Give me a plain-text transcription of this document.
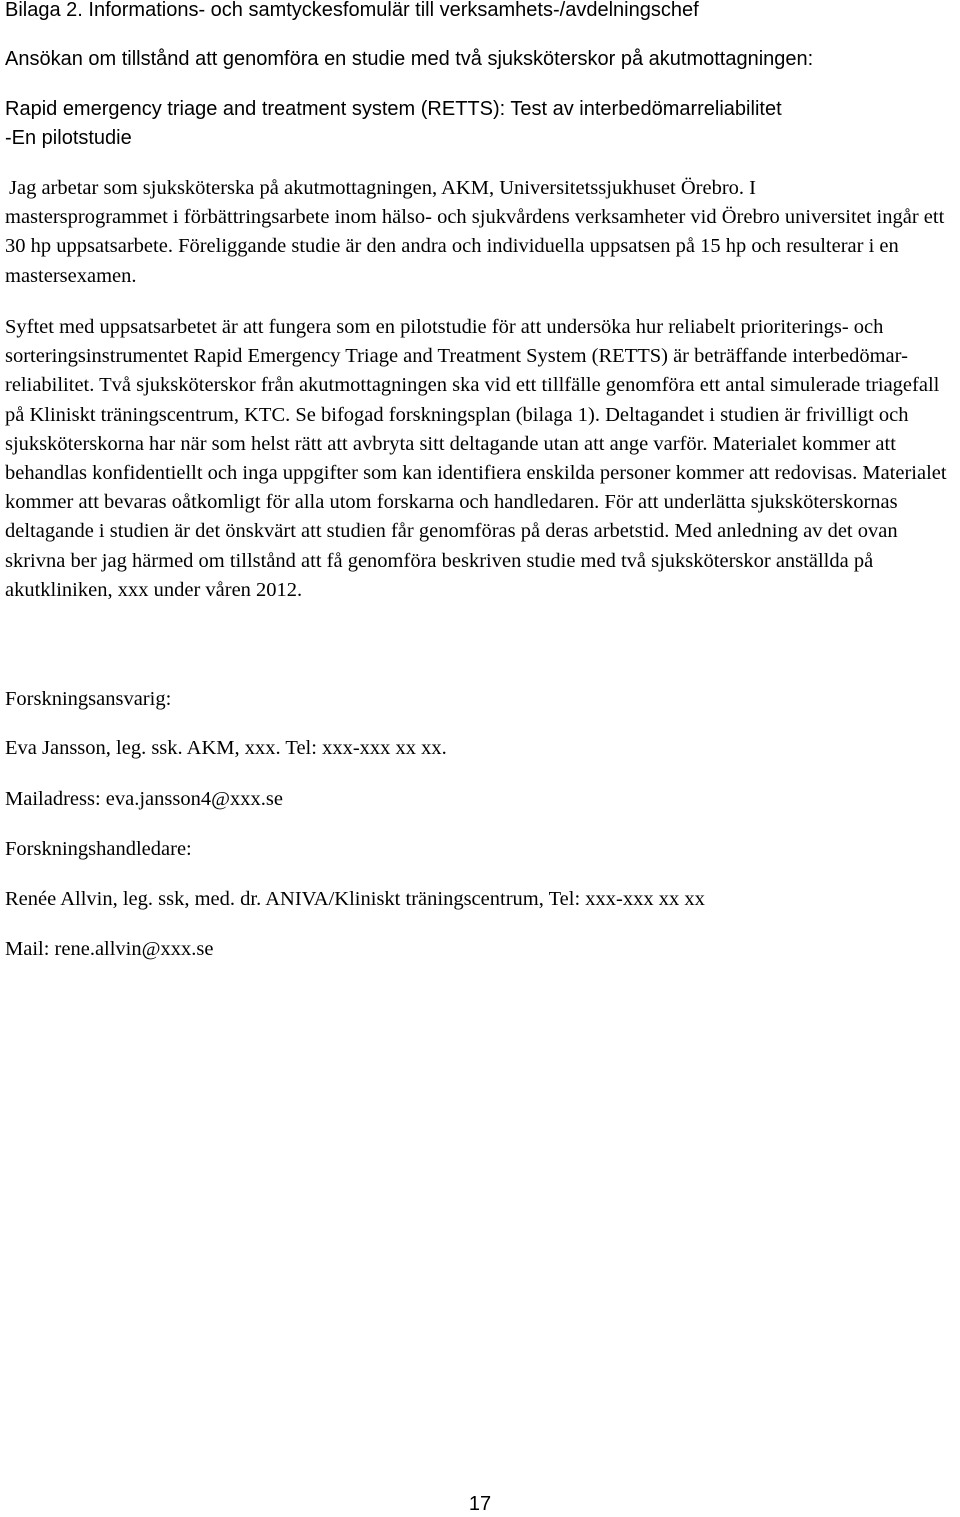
Bilaga 2. Informations- och samtyckesfomulär till verksamhets-/avdelningschef

Ansökan om tillstånd att genomföra en studie med två sjuksköterskor på akutmottagningen:

Rapid emergency triage and treatment system (RETTS): Test av interbedömarreliabilitet

-En pilotstudie

Jag arbetar som sjuksköterska på akutmottagningen, AKM, Universitetssjukhuset Örebro. I
mastersprogrammet i förbättringsarbete inom hälso- och sjukvårdens verksamheter vid Örebro universitet ingår ett 30 hp uppsatsarbete. Föreliggande studie är den andra och individuella uppsatsen på 15 hp och resulterar i en mastersexamen.

Syftet med uppsatsarbetet är att fungera som en pilotstudie för att undersöka hur reliabelt prioriterings- och sorteringsinstrumentet Rapid Emergency Triage and Treatment System (RETTS) är beträffande interbedömar-reliabilitet. Två sjuksköterskor från akutmottagningen ska vid ett tillfälle genomföra ett antal simulerade triagefall på Kliniskt träningscentrum, KTC. Se bifogad forskningsplan (bilaga 1). Deltagandet i studien är frivilligt och sjuksköterskorna har när som helst rätt att avbryta sitt deltagande utan att ange varför. Materialet kommer att behandlas konfidentiellt och inga uppgifter som kan identifiera enskilda personer kommer att redovisas. Materialet kommer att bevaras oåtkomligt för alla utom forskarna och handledaren. För att underlätta sjuksköterskornas deltagande i studien är det önskvärt att studien får genomföras på deras arbetstid. Med anledning av det ovan skrivna ber jag härmed om tillstånd att få genomföra beskriven studie med två sjuksköterskor anställda på akutkliniken, xxx under våren 2012.

Forskningsansvarig:

Eva Jansson, leg. ssk. AKM, xxx. Tel: xxx-xxx xx xx.

Mailadress: eva.jansson4@xxx.se

Forskningshandledare:

Renée Allvin, leg. ssk, med. dr. ANIVA/Kliniskt träningscentrum, Tel: xxx-xxx xx xx

Mail: rene.allvin@xxx.se

17
